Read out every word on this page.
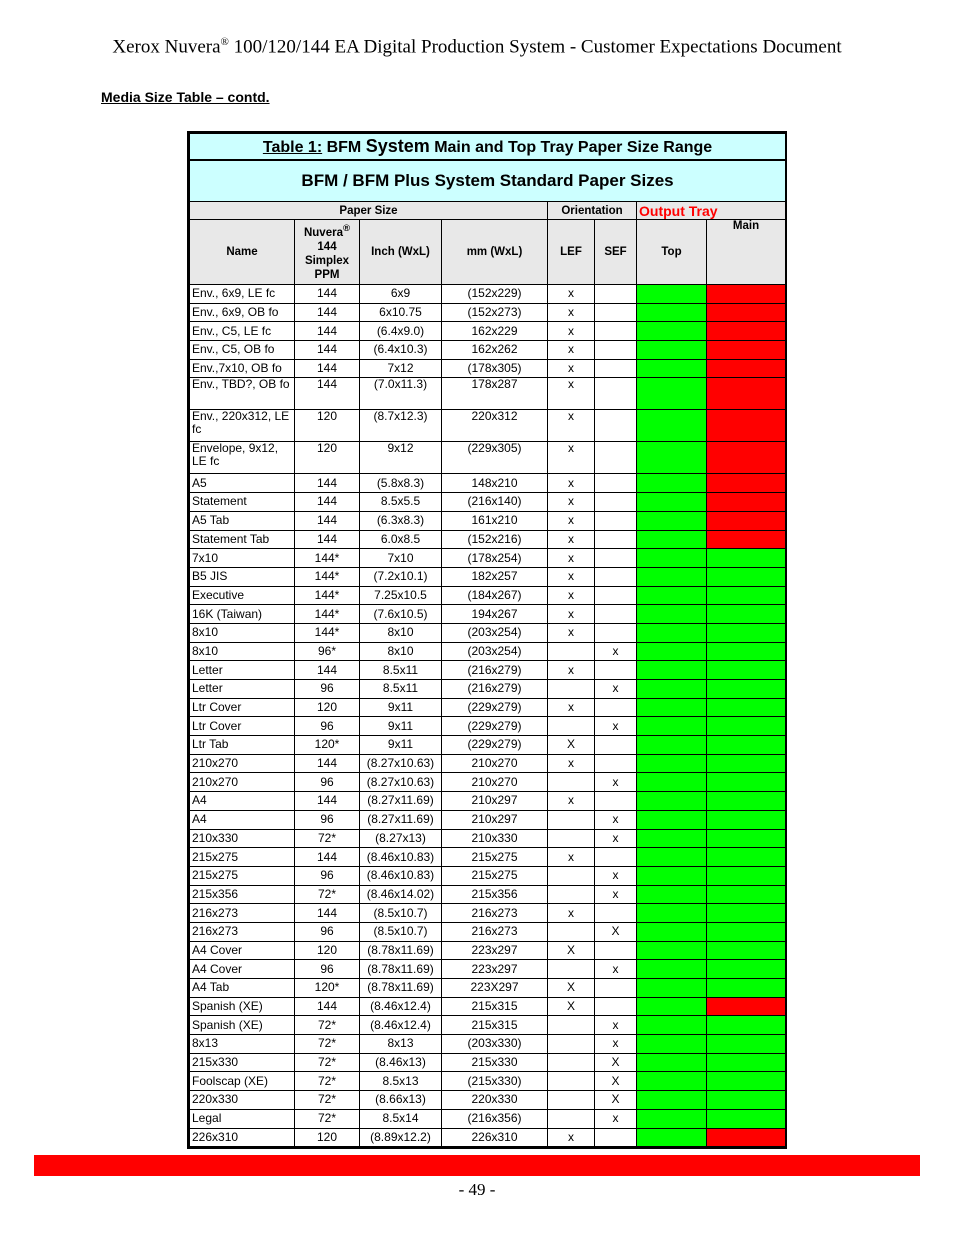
Xerox Nuvera® 100/120/144 EA Digital Production System - Customer Expectations Document
Media Size Table – contd.
Table 1: BFM System Main and Top Tray Paper Size Range							
BFM / BFM Plus System Standard Paper Sizes							
Paper Size				Orientation		Output Tray	
Name	Nuvera®
144
Simplex
PPM	Inch (WxL)	mm (WxL)	LEF	SEF	Top	Main
Env., 6x9, LE fc	144	6x9	(152x229)	x			
Env., 6x9, OB fo	144	6x10.75	(152x273)	x			
Env., C5, LE fc	144	(6.4x9.0)	162x229	x			
Env., C5, OB fo	144	(6.4x10.3)	162x262	x			
Env.,7x10, OB fo	144	7x12	(178x305)	x			
Env., TBD?, OB fo	144	(7.0x11.3)	178x287	x			
Env., 220x312, LE fc	120	(8.7x12.3)	220x312	x			
Envelope, 9x12, LE fc	120	9x12	(229x305)	x			
A5	144	(5.8x8.3)	148x210	x			
Statement	144	8.5x5.5	(216x140)	x			
A5 Tab	144	(6.3x8.3)	161x210	x			
Statement Tab	144	6.0x8.5	(152x216)	x			
7x10	144*	7x10	(178x254)	x			
B5 JIS	144*	(7.2x10.1)	182x257	x			
Executive	144*	7.25x10.5	(184x267)	x			
16K (Taiwan)	144*	(7.6x10.5)	194x267	x			
8x10	144*	8x10	(203x254)	x			
8x10	96*	8x10	(203x254)		x		
Letter	144	8.5x11	(216x279)	x			
Letter	96	8.5x11	(216x279)		x		
Ltr Cover	120	9x11	(229x279)	x			
Ltr Cover	96	9x11	(229x279)		x		
Ltr Tab	120*	9x11	(229x279)	X			
210x270	144	(8.27x10.63)	210x270	x			
210x270	96	(8.27x10.63)	210x270		x		
A4	144	(8.27x11.69)	210x297	x			
A4	96	(8.27x11.69)	210x297		x		
210x330	72*	(8.27x13)	210x330		x		
215x275	144	(8.46x10.83)	215x275	x			
215x275	96	(8.46x10.83)	215x275		x		
215x356	72*	(8.46x14.02)	215x356		x		
216x273	144	(8.5x10.7)	216x273	x			
216x273	96	(8.5x10.7)	216x273		X		
A4 Cover	120	(8.78x11.69)	223x297	X			
A4 Cover	96	(8.78x11.69)	223x297		x		
A4 Tab	120*	(8.78x11.69)	223X297	X			
Spanish (XE)	144	(8.46x12.4)	215x315	X			
Spanish (XE)	72*	(8.46x12.4)	215x315		x		
8x13	72*	8x13	(203x330)		x		
215x330	72*	(8.46x13)	215x330		X		
Foolscap (XE)	72*	8.5x13	(215x330)		X		
220x330	72*	(8.66x13)	220x330		X		
Legal	72*	8.5x14	(216x356)		x		
226x310	120	(8.89x12.2)	226x310	x			
- 49 -
